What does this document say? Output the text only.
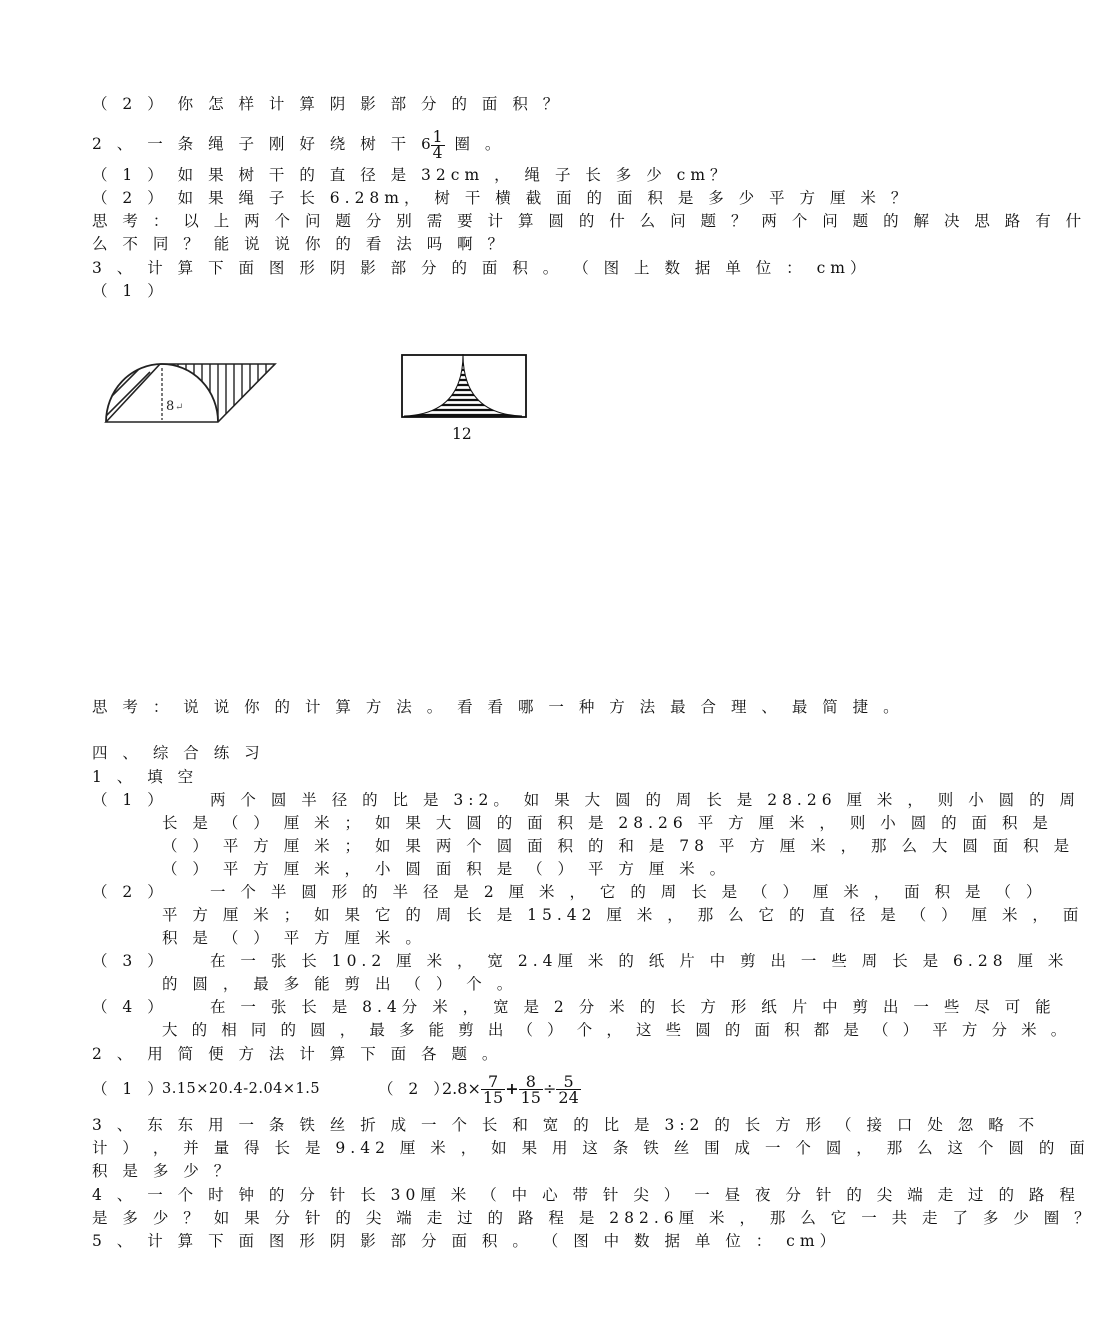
（ 2 ） 你 怎 样 计 算 阴 影 部 分 的 面 积 ？
2 、 一 条 绳 子 刚 好 绕 树 干 $6 \frac{1}{4}$ 圈 。
（ 1 ） 如 果 树 干 的 直 径 是 32cm ， 绳 子 长 多 少 cm？
（ 2 ） 如 果 绳 子 长 6.28m， 树 干 横 截 面 的 面 积 是 多 少 平 方 厘 米 ？
思 考 ： 以 上 两 个 问 题 分 别 需 要 计 算 圆 的 什 么 问 题 ？ 两 个 问 题 的 解 决 思 路 有 什
么 不 同 ？ 能 说 说 你 的 看 法 吗 啊 ？
3 、 计 算 下 面 图 形 阴 影 部 分 的 面 积 。 （ 图 上 数 据 单 位 ： cm）
（ 1 ）
8 ↵
12
思 考 ： 说 说 你 的 计 算 方 法 。 看 看 哪 一 种 方 法 最 合 理 、 最 简 捷 。
四 、 综 合 练 习
1 、 填 空
（ 1 ）	两 个 圆 半 径 的 比 是 3:2。 如 果 大 圆 的 周 长 是 28.26 厘 米 ， 则 小 圆 的 周
长 是 （ ） 厘 米 ； 如 果 大 圆 的 面 积 是 28.26 平 方 厘 米 ， 则 小 圆 的 面 积 是
（ ） 平 方 厘 米 ； 如 果 两 个 圆 面 积 的 和 是 78 平 方 厘 米 ， 那 么 大 圆 面 积 是
（ ） 平 方 厘 米 ， 小 圆 面 积 是 （ ） 平 方 厘 米 。
（ 2 ）	一 个 半 圆 形 的 半 径 是 2 厘 米 ， 它 的 周 长 是 （ ） 厘 米 ， 面 积 是 （ ）
平 方 厘 米 ； 如 果 它 的 周 长 是 15.42 厘 米 ， 那 么 它 的 直 径 是 （ ） 厘 米 ， 面
积 是 （ ） 平 方 厘 米 。
（ 3 ）	在 一 张 长 10.2 厘 米 ， 宽 2.4厘 米 的 纸 片 中 剪 出 一 些 周 长 是 6.28 厘 米
的 圆 ， 最 多 能 剪 出 （ ） 个 。
（ 4 ）	在 一 张 长 是 8.4分 米 ， 宽 是 2 分 米 的 长 方 形 纸 片 中 剪 出 一 些 尽 可 能
大 的 相 同 的 圆 ， 最 多 能 剪 出 （ ） 个 ， 这 些 圆 的 面 积 都 是 （ ） 平 方 分 米 。
2 、 用 简 便 方 法 计 算 下 面 各 题 。
（ 1 ）
3.15×20.4-2.04×1.5	（ 2 ）
$2.8\times \frac{7}{15} + \frac{8}{15} \div \frac{5}{24}$
3 、 东 东 用 一 条 铁 丝 折 成 一 个 长 和 宽 的 比 是 3:2 的 长 方 形 （ 接 口 处 忽 略 不
计 ） ， 并 量 得 长 是 9.42 厘 米 ， 如 果 用 这 条 铁 丝 围 成 一 个 圆 ， 那 么 这 个 圆 的 面
积 是 多 少 ？
4 、 一 个 时 钟 的 分 针 长 30厘 米 （ 中 心 带 针 尖 ） 一 昼 夜 分 针 的 尖 端 走 过 的 路 程
是 多 少 ？ 如 果 分 针 的 尖 端 走 过 的 路 程 是 282.6厘 米 ， 那 么 它 一 共 走 了 多 少 圈 ？
5 、 计 算 下 面 图 形 阴 影 部 分 面 积 。 （ 图 中 数 据 单 位 ： cm）
